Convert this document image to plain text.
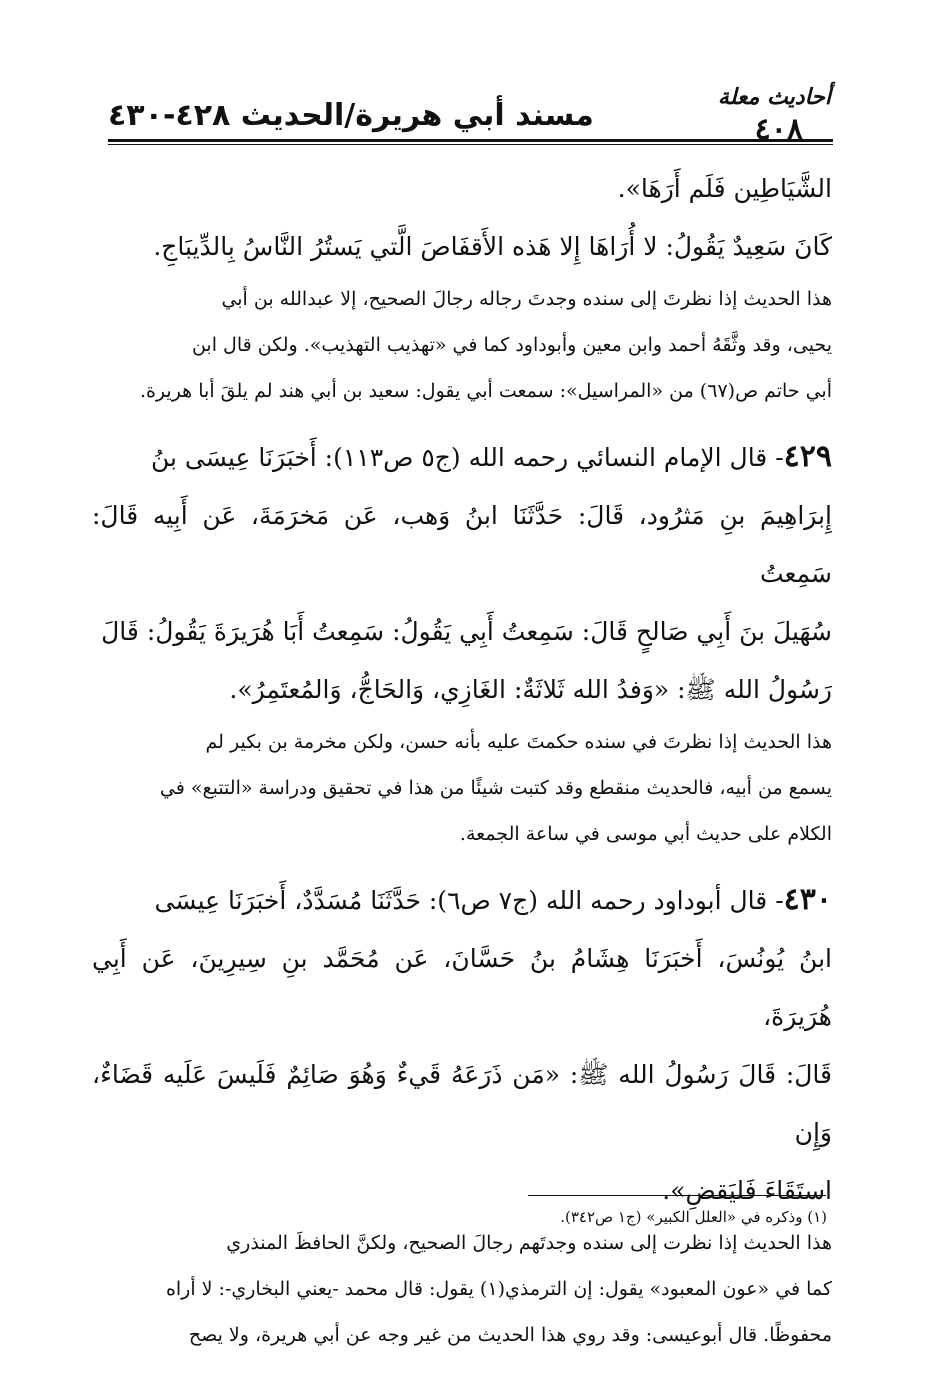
أحاديث معلة
٤٠٨
مسند أبي هريرة/الحديث ٤٢٨-٤٣٠

الشَّيَاطِين فَلَم أَرَهَا».

كَانَ سَعِيدٌ يَقُولُ: لا أُرَاهَا إِلا هَذه الأَقفَاصَ الَّتي يَستُرُ النَّاسُ بِالدِّيبَاجِ.

هذا الحديث إذا نظرتَ إلى سنده وجدتَ رجاله رجالَ الصحيح، إلا عبدالله بن أبي

يحيى، وقد وثَّقَهُ أحمد وابن معين وأبوداود كما في «تهذيب التهذيب». ولكن قال ابن

أبي حاتم ص(٦٧) من «المراسيل»: سمعت أبي يقول: سعيد بن أبي هند لم يلقَ أبا هريرة.

٤٢٩- قال الإمام النسائي رحمه الله (ج٥ ص١١٣): أَخبَرَنَا عِيسَى بنُ

إِبرَاهِيمَ بنِ مَثرُود، قَالَ: حَدَّثَنَا ابنُ وَهب، عَن مَخرَمَةَ، عَن أَبِيه قَالَ: سَمِعتُ

سُهَيلَ بنَ أَبِي صَالحٍ قَالَ: سَمِعتُ أَبِي يَقُولُ: سَمِعتُ أَبَا هُرَيرَةَ يَقُولُ: قَالَ

رَسُولُ الله ﷺ: «وَفدُ الله ثَلاثَةٌ: الغَازِي، وَالحَاجُّ، وَالمُعتَمِرُ».

هذا الحديث إذا نظرتَ في سنده حكمتَ عليه بأنه حسن، ولكن مخرمة بن بكير لم

يسمع من أبيه، فالحديث منقطع وقد كتبت شيئًا من هذا في تحقيق ودراسة «التتبع» في

الكلام على حديث أبي موسى في ساعة الجمعة.

٤٣٠- قال أبوداود رحمه الله (ج٧ ص٦): حَدَّثَنَا مُسَدَّدٌ، أَخبَرَنَا عِيسَى

ابنُ يُونُسَ، أَخبَرَنَا هِشَامُ بنُ حَسَّانَ، عَن مُحَمَّد بنِ سِيرِينَ، عَن أَبِي هُرَيرَةَ،

قَالَ: قَالَ رَسُولُ الله ﷺ: «مَن ذَرَعَهُ قَيءٌ وَهُوَ صَائِمٌ فَلَيسَ عَلَيه قَضَاءٌ، وَإِن

استَقَاءَ فَليَقضِ».

هذا الحديث إذا نظرت إلى سنده وجدتَهم رجالَ الصحيح، ولكنَّ الحافظَ المنذري

كما في «عون المعبود» يقول: إن الترمذي(١) يقول: قال محمد -يعني البخاري-: لا أراه

محفوظًا. قال أبوعيسى: وقد روي هذا الحديث من غير وجه عن أبي هريرة، ولا يصح

(١) وذكره في «العلل الكبير» (ج١ ص٣٤٢).
